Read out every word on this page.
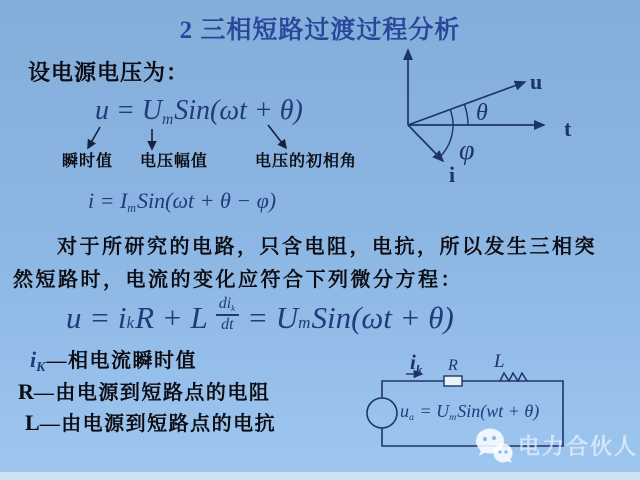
2 三相短路过渡过程分析
设电源电压为：
u = UmSin(ωt + θ)
瞬时值 电压幅值	电压的初相角
i = ImSin(ωt + θ − φ)
对于所研究的电路，只含电阻，电抗，所以发生三相突
然短路时，电流的变化应符合下列微分方程：
u = i k R + L $\frac{\text{dik}}{dt} = U$ m Sin(ωt + θ)
iK—相电流瞬时值
R—由电源到短路点的电阻
L—由电源到短路点的电抗
u
t
i
θ
φ
$i_k$ R L
ua = UmSin(wt + θ)
电力合伙人
